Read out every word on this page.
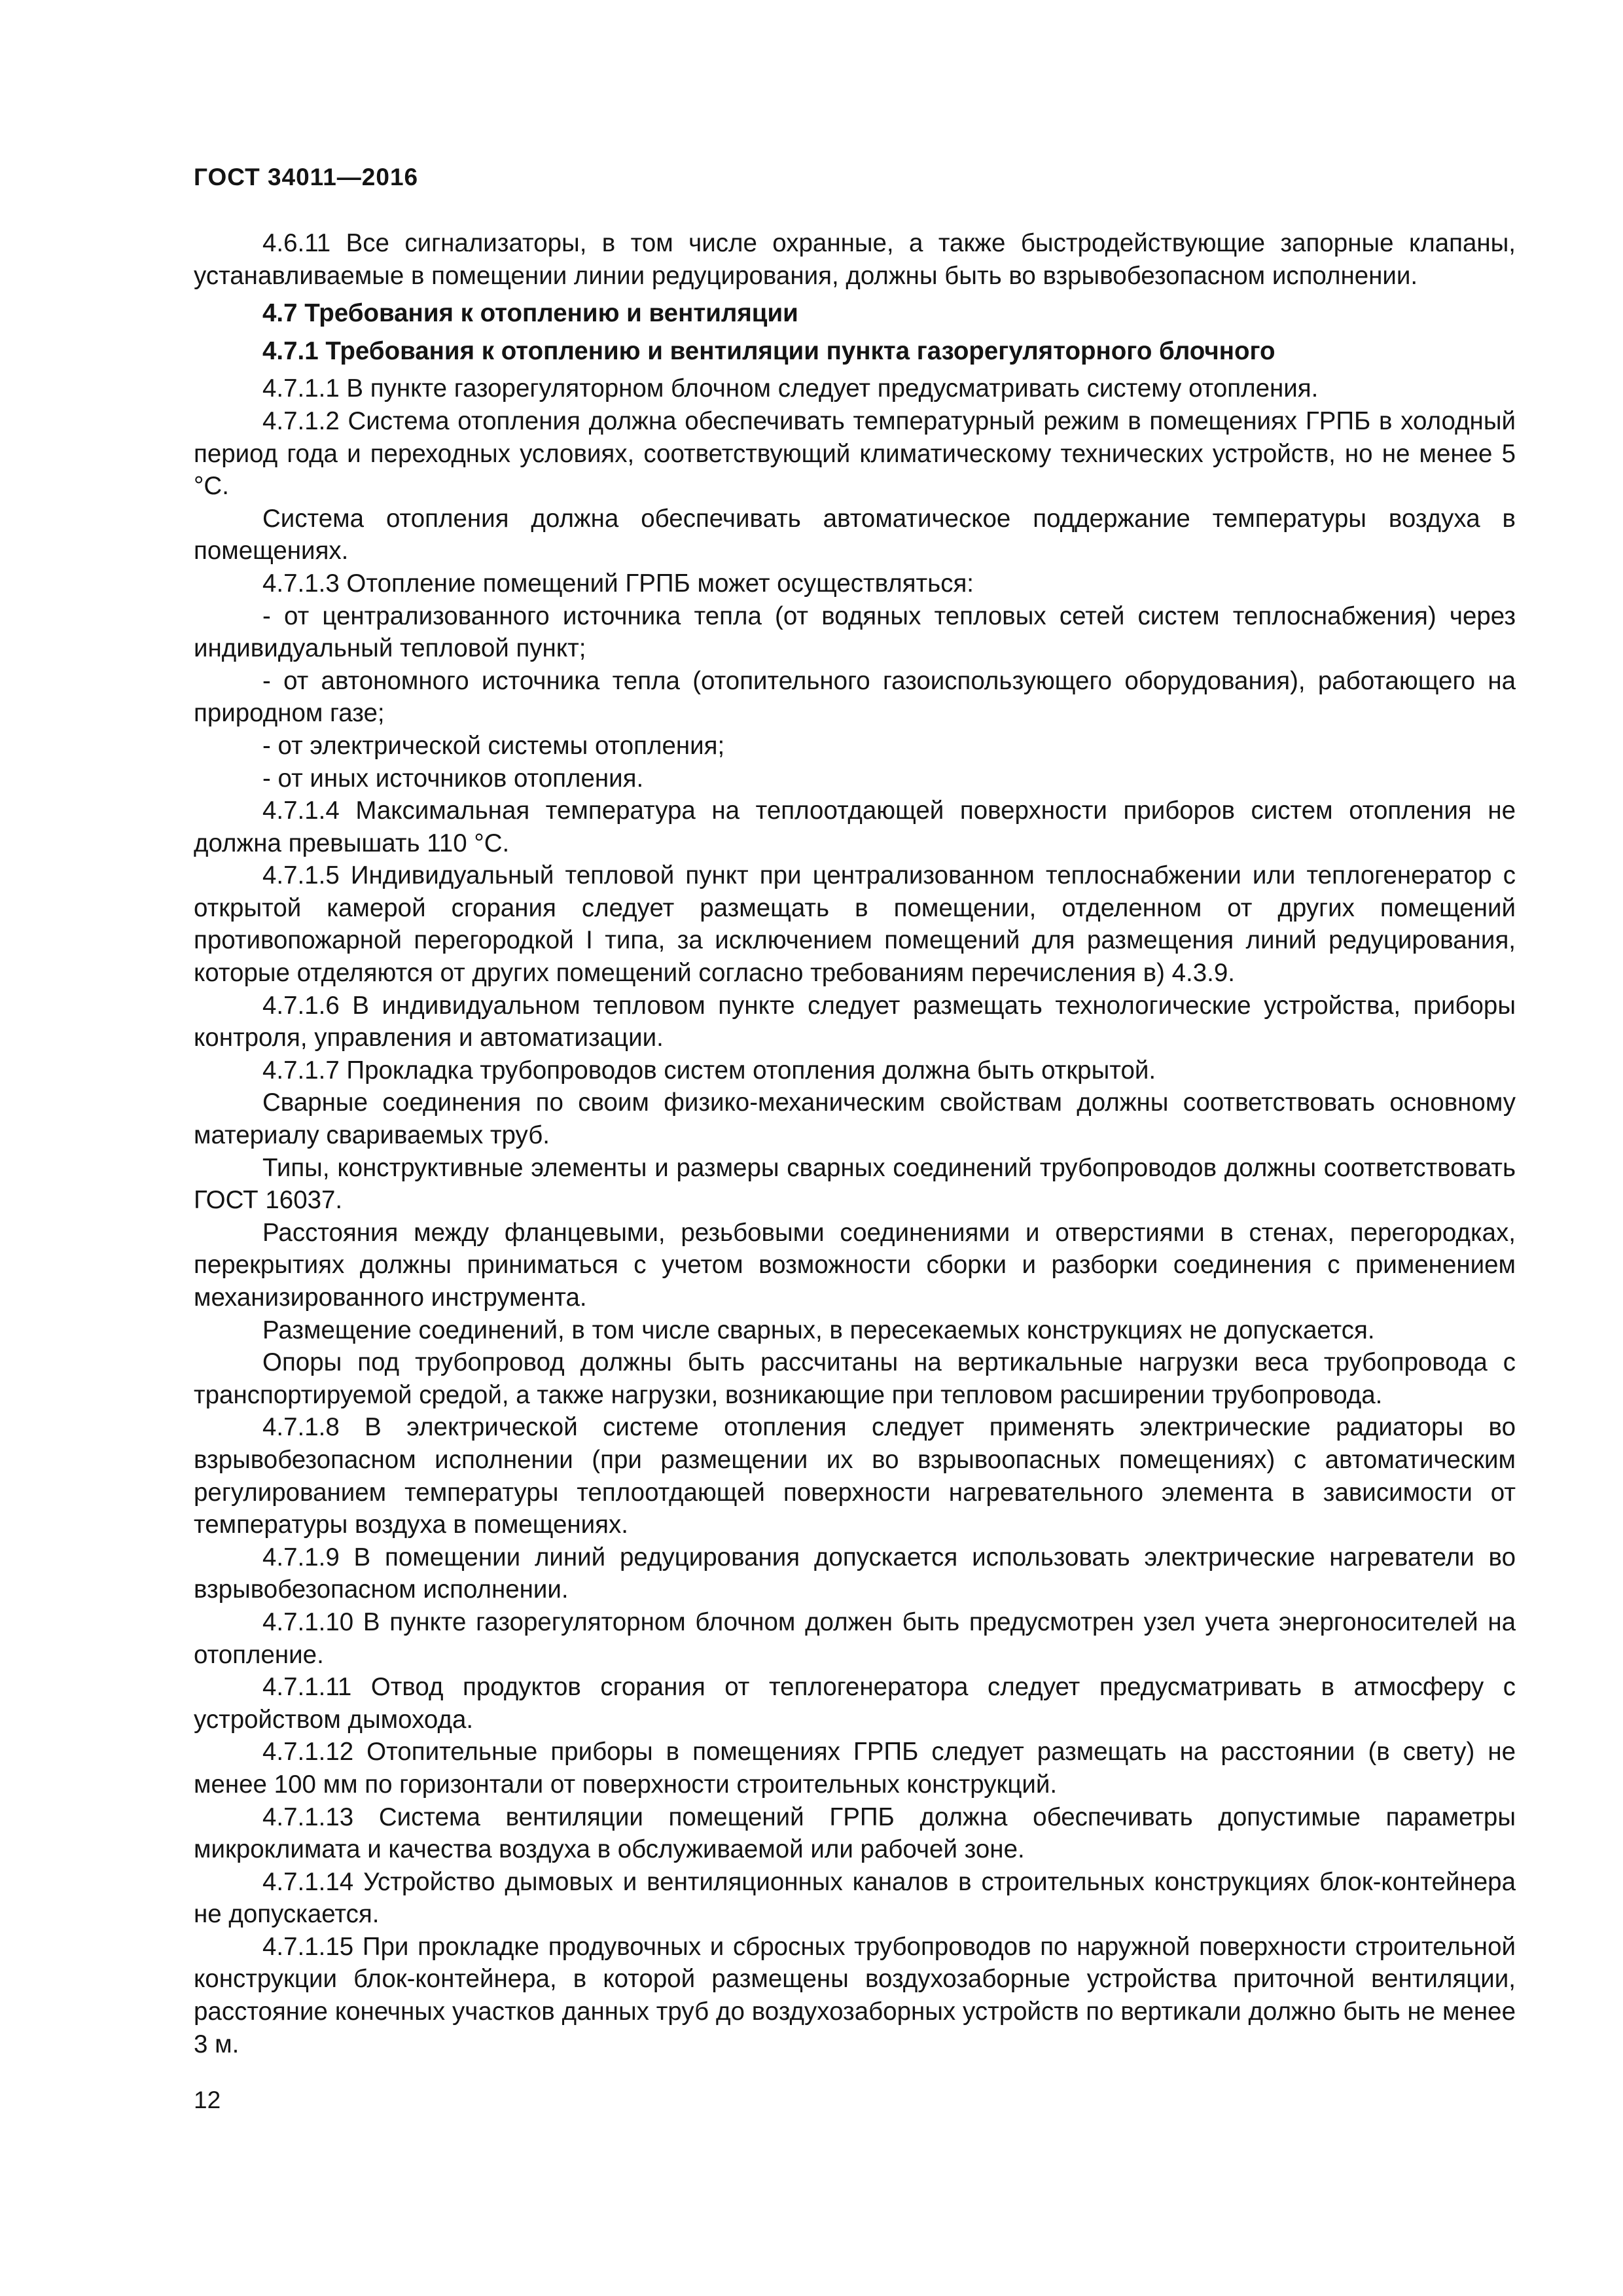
ГОСТ 34011—2016

4.6.11 Все сигнализаторы, в том числе охранные, а также быстродействующие запорные клапаны, устанавливаемые в помещении линии редуцирования, должны быть во взрывобезопасном исполнении.

4.7 Требования к отоплению и вентиляции

4.7.1 Требования к отоплению и вентиляции пункта газорегуляторного блочного

4.7.1.1 В пункте газорегуляторном блочном следует предусматривать систему отопления.

4.7.1.2 Система отопления должна обеспечивать температурный режим в помещениях ГРПБ в холодный период года и переходных условиях, соответствующий климатическому технических устройств, но не менее 5 °С.

Система отопления должна обеспечивать автоматическое поддержание температуры воздуха в помещениях.

4.7.1.3 Отопление помещений ГРПБ может осуществляться:

- от централизованного источника тепла (от водяных тепловых сетей систем теплоснабжения) через индивидуальный тепловой пункт;

- от автономного источника тепла (отопительного газоиспользующего оборудования), работающего на природном газе;

- от электрической системы отопления;

- от иных источников отопления.

4.7.1.4 Максимальная температура на теплоотдающей поверхности приборов систем отопления не должна превышать 110 °С.

4.7.1.5 Индивидуальный тепловой пункт при централизованном теплоснабжении или теплогенератор с открытой камерой сгорания следует размещать в помещении, отделенном от других помещений противопожарной перегородкой I типа, за исключением помещений для размещения линий редуцирования, которые отделяются от других помещений согласно требованиям перечисления в) 4.3.9.

4.7.1.6 В индивидуальном тепловом пункте следует размещать технологические устройства, приборы контроля, управления и автоматизации.

4.7.1.7 Прокладка трубопроводов систем отопления должна быть открытой.

Сварные соединения по своим физико-механическим свойствам должны соответствовать основному материалу свариваемых труб.

Типы, конструктивные элементы и размеры сварных соединений трубопроводов должны соответствовать ГОСТ 16037.

Расстояния между фланцевыми, резьбовыми соединениями и отверстиями в стенах, перегородках, перекрытиях должны приниматься с учетом возможности сборки и разборки соединения с применением механизированного инструмента.

Размещение соединений, в том числе сварных, в пересекаемых конструкциях не допускается.

Опоры под трубопровод должны быть рассчитаны на вертикальные нагрузки веса трубопровода с транспортируемой средой, а также нагрузки, возникающие при тепловом расширении трубопровода.

4.7.1.8 В электрической системе отопления следует применять электрические радиаторы во взрывобезопасном исполнении (при размещении их во взрывоопасных помещениях) с автоматическим регулированием температуры теплоотдающей поверхности нагревательного элемента в зависимости от температуры воздуха в помещениях.

4.7.1.9 В помещении линий редуцирования допускается использовать электрические нагреватели во взрывобезопасном исполнении.

4.7.1.10 В пункте газорегуляторном блочном должен быть предусмотрен узел учета энергоносителей на отопление.

4.7.1.11 Отвод продуктов сгорания от теплогенератора следует предусматривать в атмосферу с устройством дымохода.

4.7.1.12 Отопительные приборы в помещениях ГРПБ следует размещать на расстоянии (в свету) не менее 100 мм по горизонтали от поверхности строительных конструкций.

4.7.1.13 Система вентиляции помещений ГРПБ должна обеспечивать допустимые параметры микроклимата и качества воздуха в обслуживаемой или рабочей зоне.

4.7.1.14 Устройство дымовых и вентиляционных каналов в строительных конструкциях блок-контейнера не допускается.

4.7.1.15 При прокладке продувочных и сбросных трубопроводов по наружной поверхности строительной конструкции блок-контейнера, в которой размещены воздухозаборные устройства приточной вентиляции, расстояние конечных участков данных труб до воздухозаборных устройств по вертикали должно быть не менее 3 м.

12
